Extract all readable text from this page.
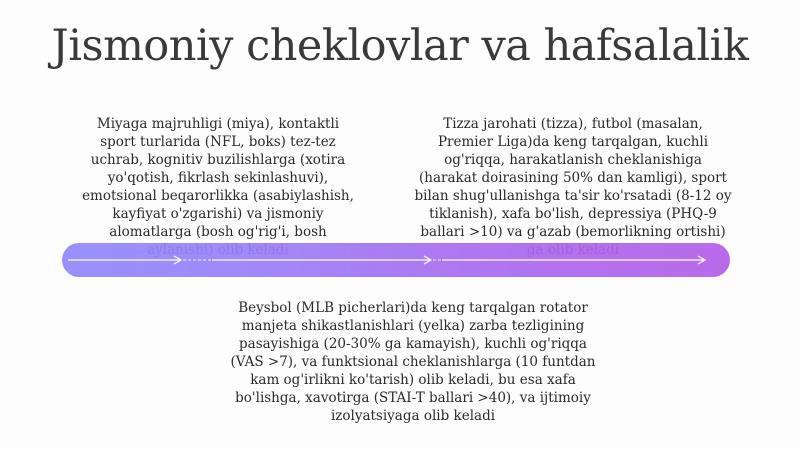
Jismoniy cheklovlar va hafsalalik
Miyaga majruhligi (miya), kontaktli sport turlarida (NFL, boks) tez-tez uchrab, kognitiv buzilishlarga (xotira yo'qotish, fikrlash sekinlashuvi), emotsional beqarorlikka (asabiylashish, kayfiyat o'zgarishi) va jismoniy alomatlarga (bosh og'rig'i, bosh
Tizza jarohati (tizza), futbol (masalan, Premier Liga)da keng tarqalgan, kuchli og'riqqa, harakatlanish cheklanishiga (harakat doirasining 50% dan kamligi), sport bilan shug'ullanishga ta'sir ko'rsatadi (8-12 oy tiklanish), xafa bo'lish, depressiya (PHQ-9 ballari >10) va g'azab (bemorlikning ortishi)
Beysbol (MLB picherlari)da keng tarqalgan rotator manjeta shikastlanishlari (yelka) zarba tezligining pasayishiga (20-30% ga kamayish), kuchli og'riqqa (VAS >7), va funktsional cheklanishlarga (10 funtdan kam og'irlikni ko'tarish) olib keladi, bu esa xafa bo'lishga, xavotirga (STAI-T ballari >40), va ijtimoiy izolyatsiyaga olib keladi
